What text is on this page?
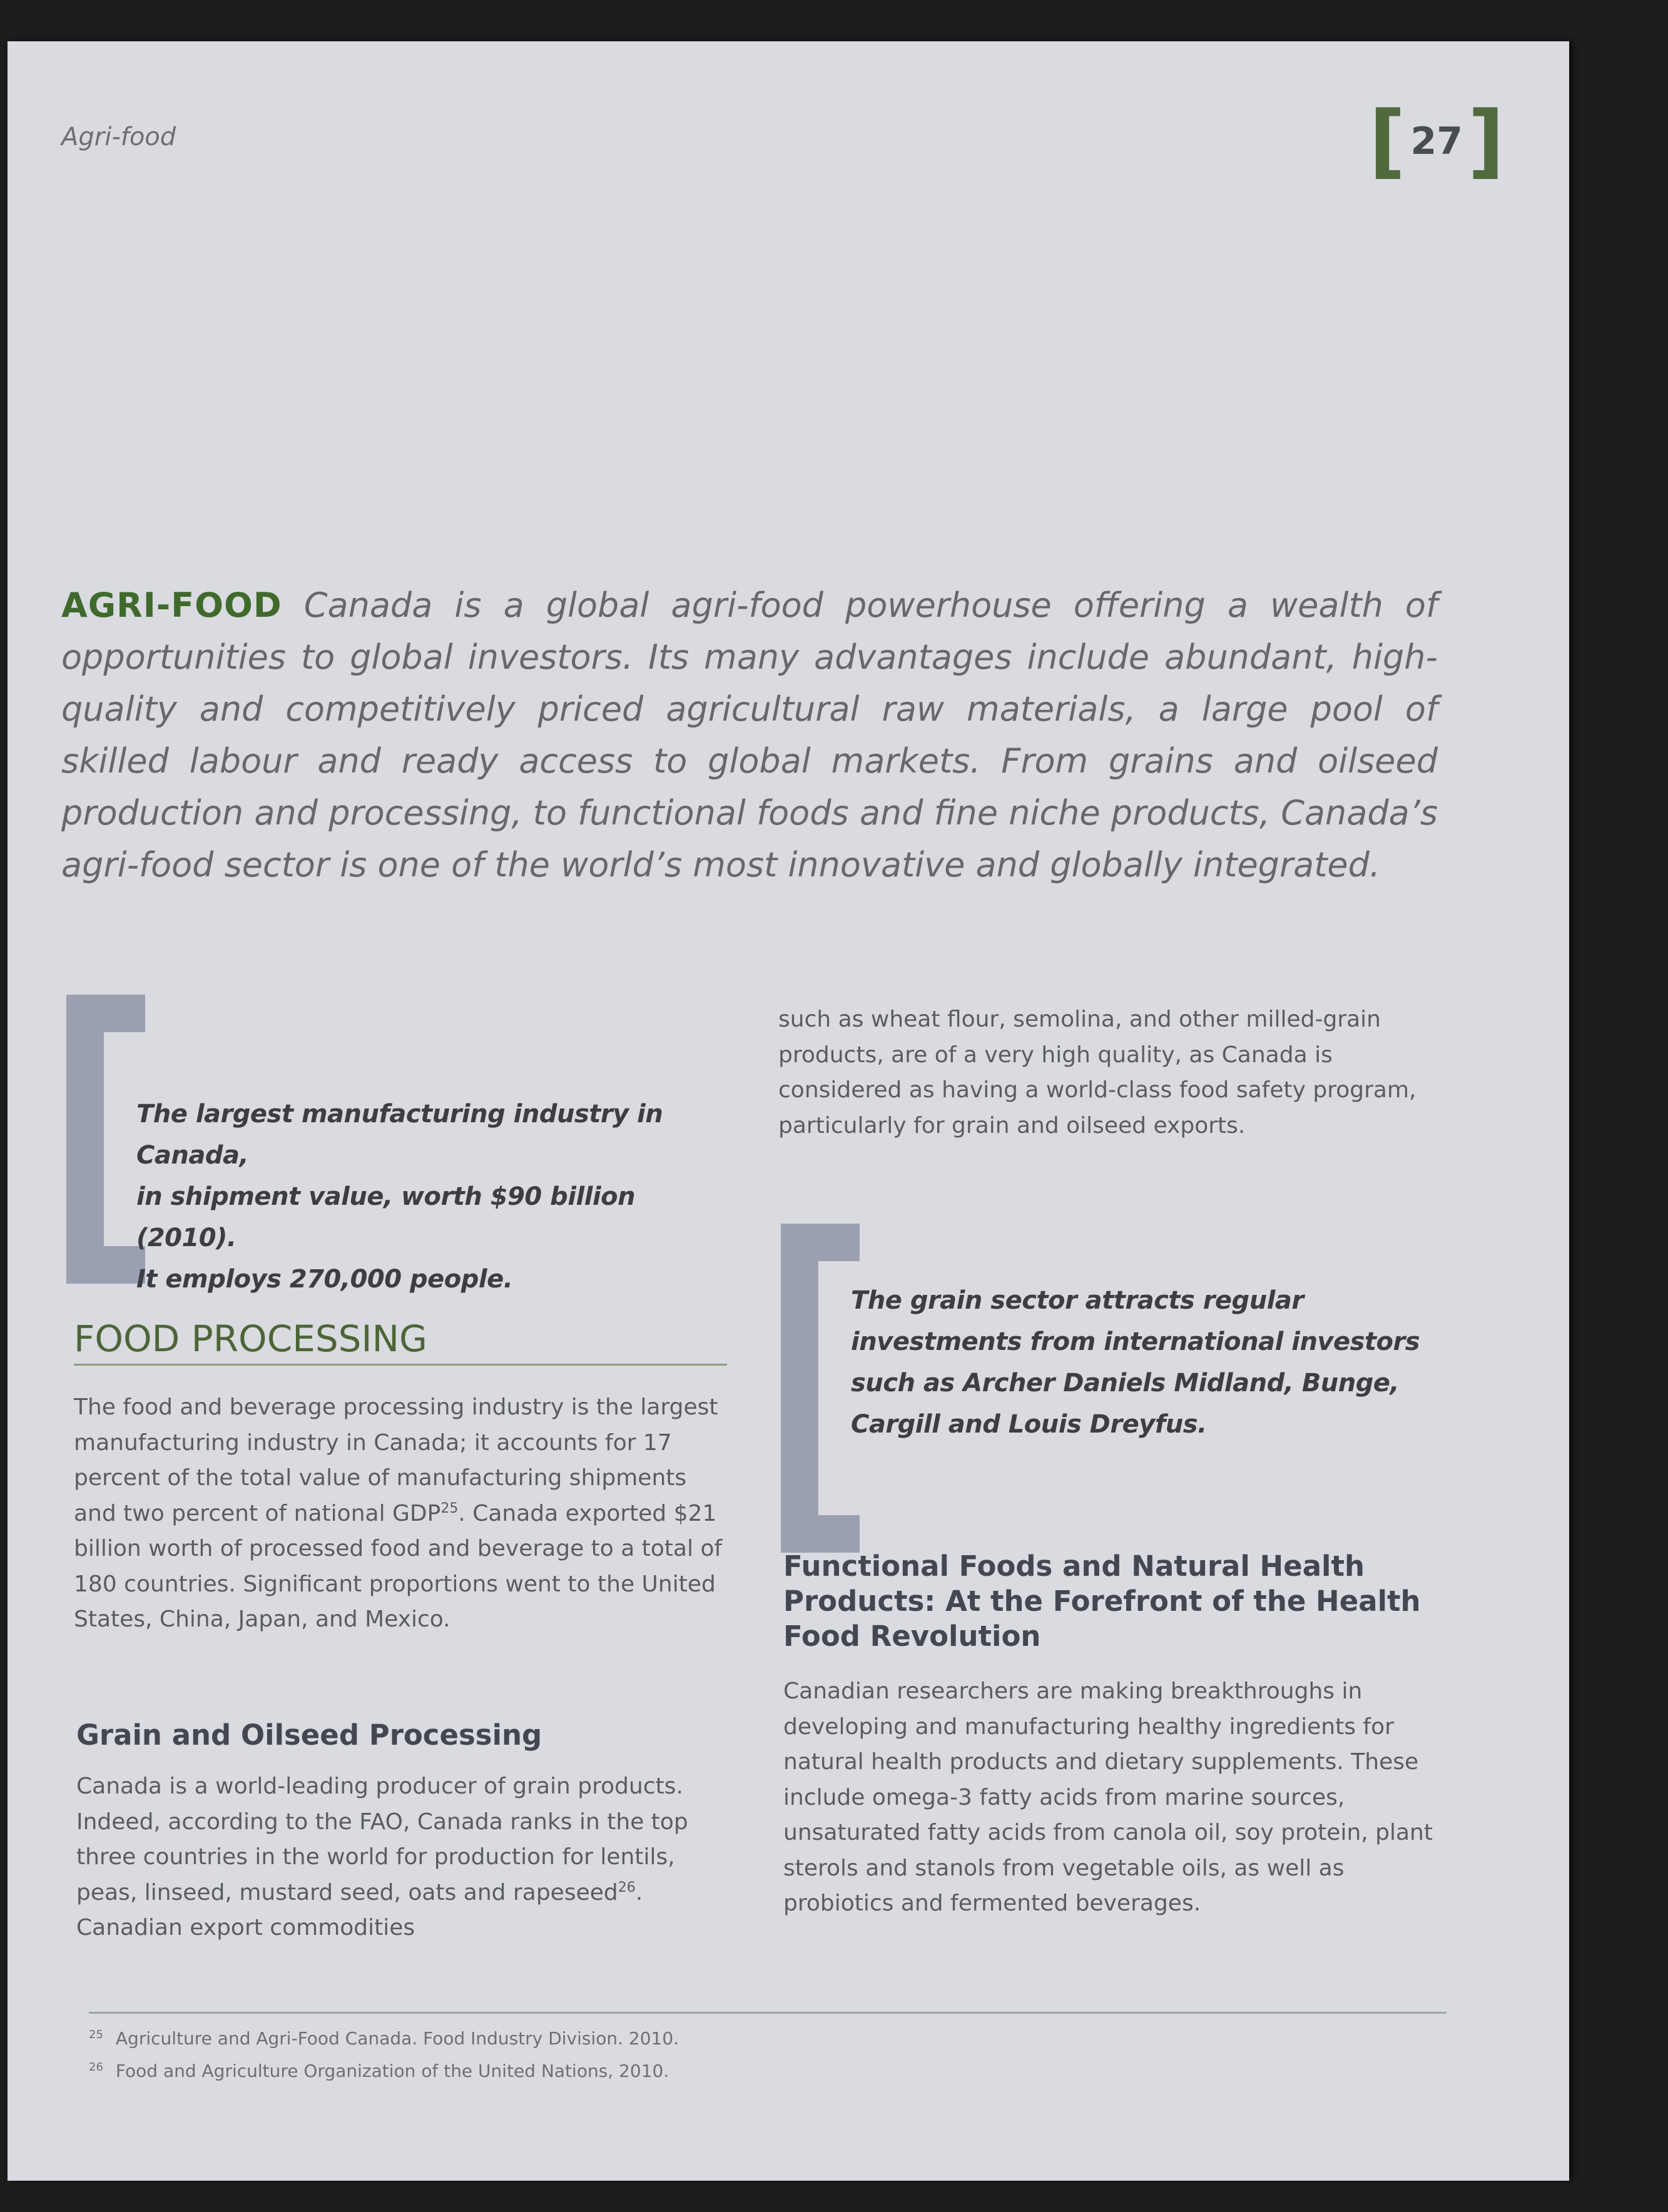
Agri-food	[ 27 ]
AGRI-FOOD Canada is a global agri-food powerhouse offering a wealth of opportunities to global investors. Its many advantages include abundant, high-quality and competitively priced agricultural raw materials, a large pool of skilled labour and ready access to global markets. From grains and oilseed production and processing, to functional foods and fine niche products, Canada’s agri-food sector is one of the world’s most innovative and globally integrated.
The largest manufacturing industry in Canada,
in shipment value, worth $90 billion (2010).
It employs 270,000 people.
FOOD PROCESSING
The food and beverage processing industry is the largest manufacturing industry in Canada; it accounts for 17 percent of the total value of manufacturing shipments and two percent of national GDP$^{25}$. Canada exported $21 billion worth of processed food and beverage to a total of 180 countries. Significant proportions went to the United States, China, Japan, and Mexico.
Grain and Oilseed Processing
Canada is a world-leading producer of grain products. Indeed, according to the FAO, Canada ranks in the top three countries in the world for production for lentils, peas, linseed, mustard seed, oats and rapeseed$^{26}$. Canadian export commodities
such as wheat flour, semolina, and other milled-grain products, are of a very high quality, as Canada is considered as having a world-class food safety program, particularly for grain and oilseed exports.
The grain sector attracts regular
investments from international investors
such as Archer Daniels Midland, Bunge,
Cargill and Louis Dreyfus.
Functional Foods and Natural Health Products: At the Forefront of the Health Food Revolution
Canadian researchers are making breakthroughs in developing and manufacturing healthy ingredients for natural health products and dietary supplements. These include omega-3 fatty acids from marine sources, unsaturated fatty acids from canola oil, soy protein, plant sterols and stanols from vegetable oils, as well as probiotics and fermented beverages.
$^{25}$ Agriculture and Agri-Food Canada. Food Industry Division. 2010.
$^{26}$ Food and Agriculture Organization of the United Nations, 2010.
